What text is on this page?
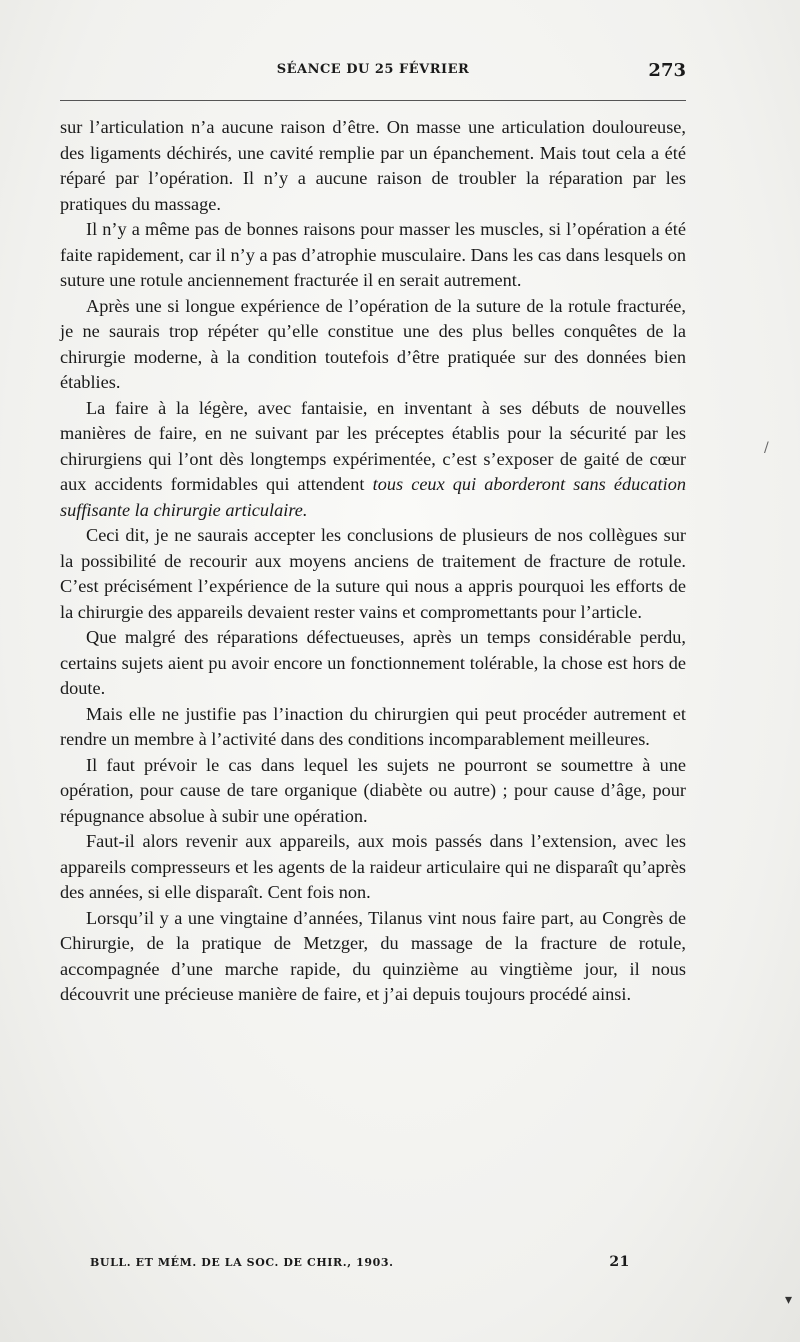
SÉANCE DU 25 FÉVRIER	273

sur l’articulation n’a aucune raison d’être. On masse une articulation douloureuse, des ligaments déchirés, une cavité remplie par un épanchement. Mais tout cela a été réparé par l’opération. Il n’y a aucune raison de troubler la réparation par les pratiques du massage.

Il n’y a même pas de bonnes raisons pour masser les muscles, si l’opération a été faite rapidement, car il n’y a pas d’atrophie musculaire. Dans les cas dans lesquels on suture une rotule anciennement fracturée il en serait autrement.

Après une si longue expérience de l’opération de la suture de la rotule fracturée, je ne saurais trop répéter qu’elle constitue une des plus belles conquêtes de la chirurgie moderne, à la condition toutefois d’être pratiquée sur des données bien établies.

La faire à la légère, avec fantaisie, en inventant à ses débuts de nouvelles manières de faire, en ne suivant par les préceptes établis pour la sécurité par les chirurgiens qui l’ont dès longtemps expérimentée, c’est s’exposer de gaité de cœur aux accidents formidables qui attendent tous ceux qui aborderont sans éducation suffisante la chirurgie articulaire.

Ceci dit, je ne saurais accepter les conclusions de plusieurs de nos collègues sur la possibilité de recourir aux moyens anciens de traitement de fracture de rotule. C’est précisément l’expérience de la suture qui nous a appris pourquoi les efforts de la chirurgie des appareils devaient rester vains et compromettants pour l’article.

Que malgré des réparations défectueuses, après un temps considérable perdu, certains sujets aient pu avoir encore un fonctionnement tolérable, la chose est hors de doute.

Mais elle ne justifie pas l’inaction du chirurgien qui peut procéder autrement et rendre un membre à l’activité dans des conditions incomparablement meilleures.

Il faut prévoir le cas dans lequel les sujets ne pourront se soumettre à une opération, pour cause de tare organique (diabète ou autre) ; pour cause d’âge, pour répugnance absolue à subir une opération.

Faut-il alors revenir aux appareils, aux mois passés dans l’extension, avec les appareils compresseurs et les agents de la raideur articulaire qui ne disparaît qu’après des années, si elle disparaît. Cent fois non.

Lorsqu’il y a une vingtaine d’années, Tilanus vint nous faire part, au Congrès de Chirurgie, de la pratique de Metzger, du massage de la fracture de rotule, accompagnée d’une marche rapide, du quinzième au vingtième jour, il nous découvrit une précieuse manière de faire, et j’ai depuis toujours procédé ainsi.

BULL. ET MÉM. DE LA SOC. DE CHIR., 1903.	21
/
▾
